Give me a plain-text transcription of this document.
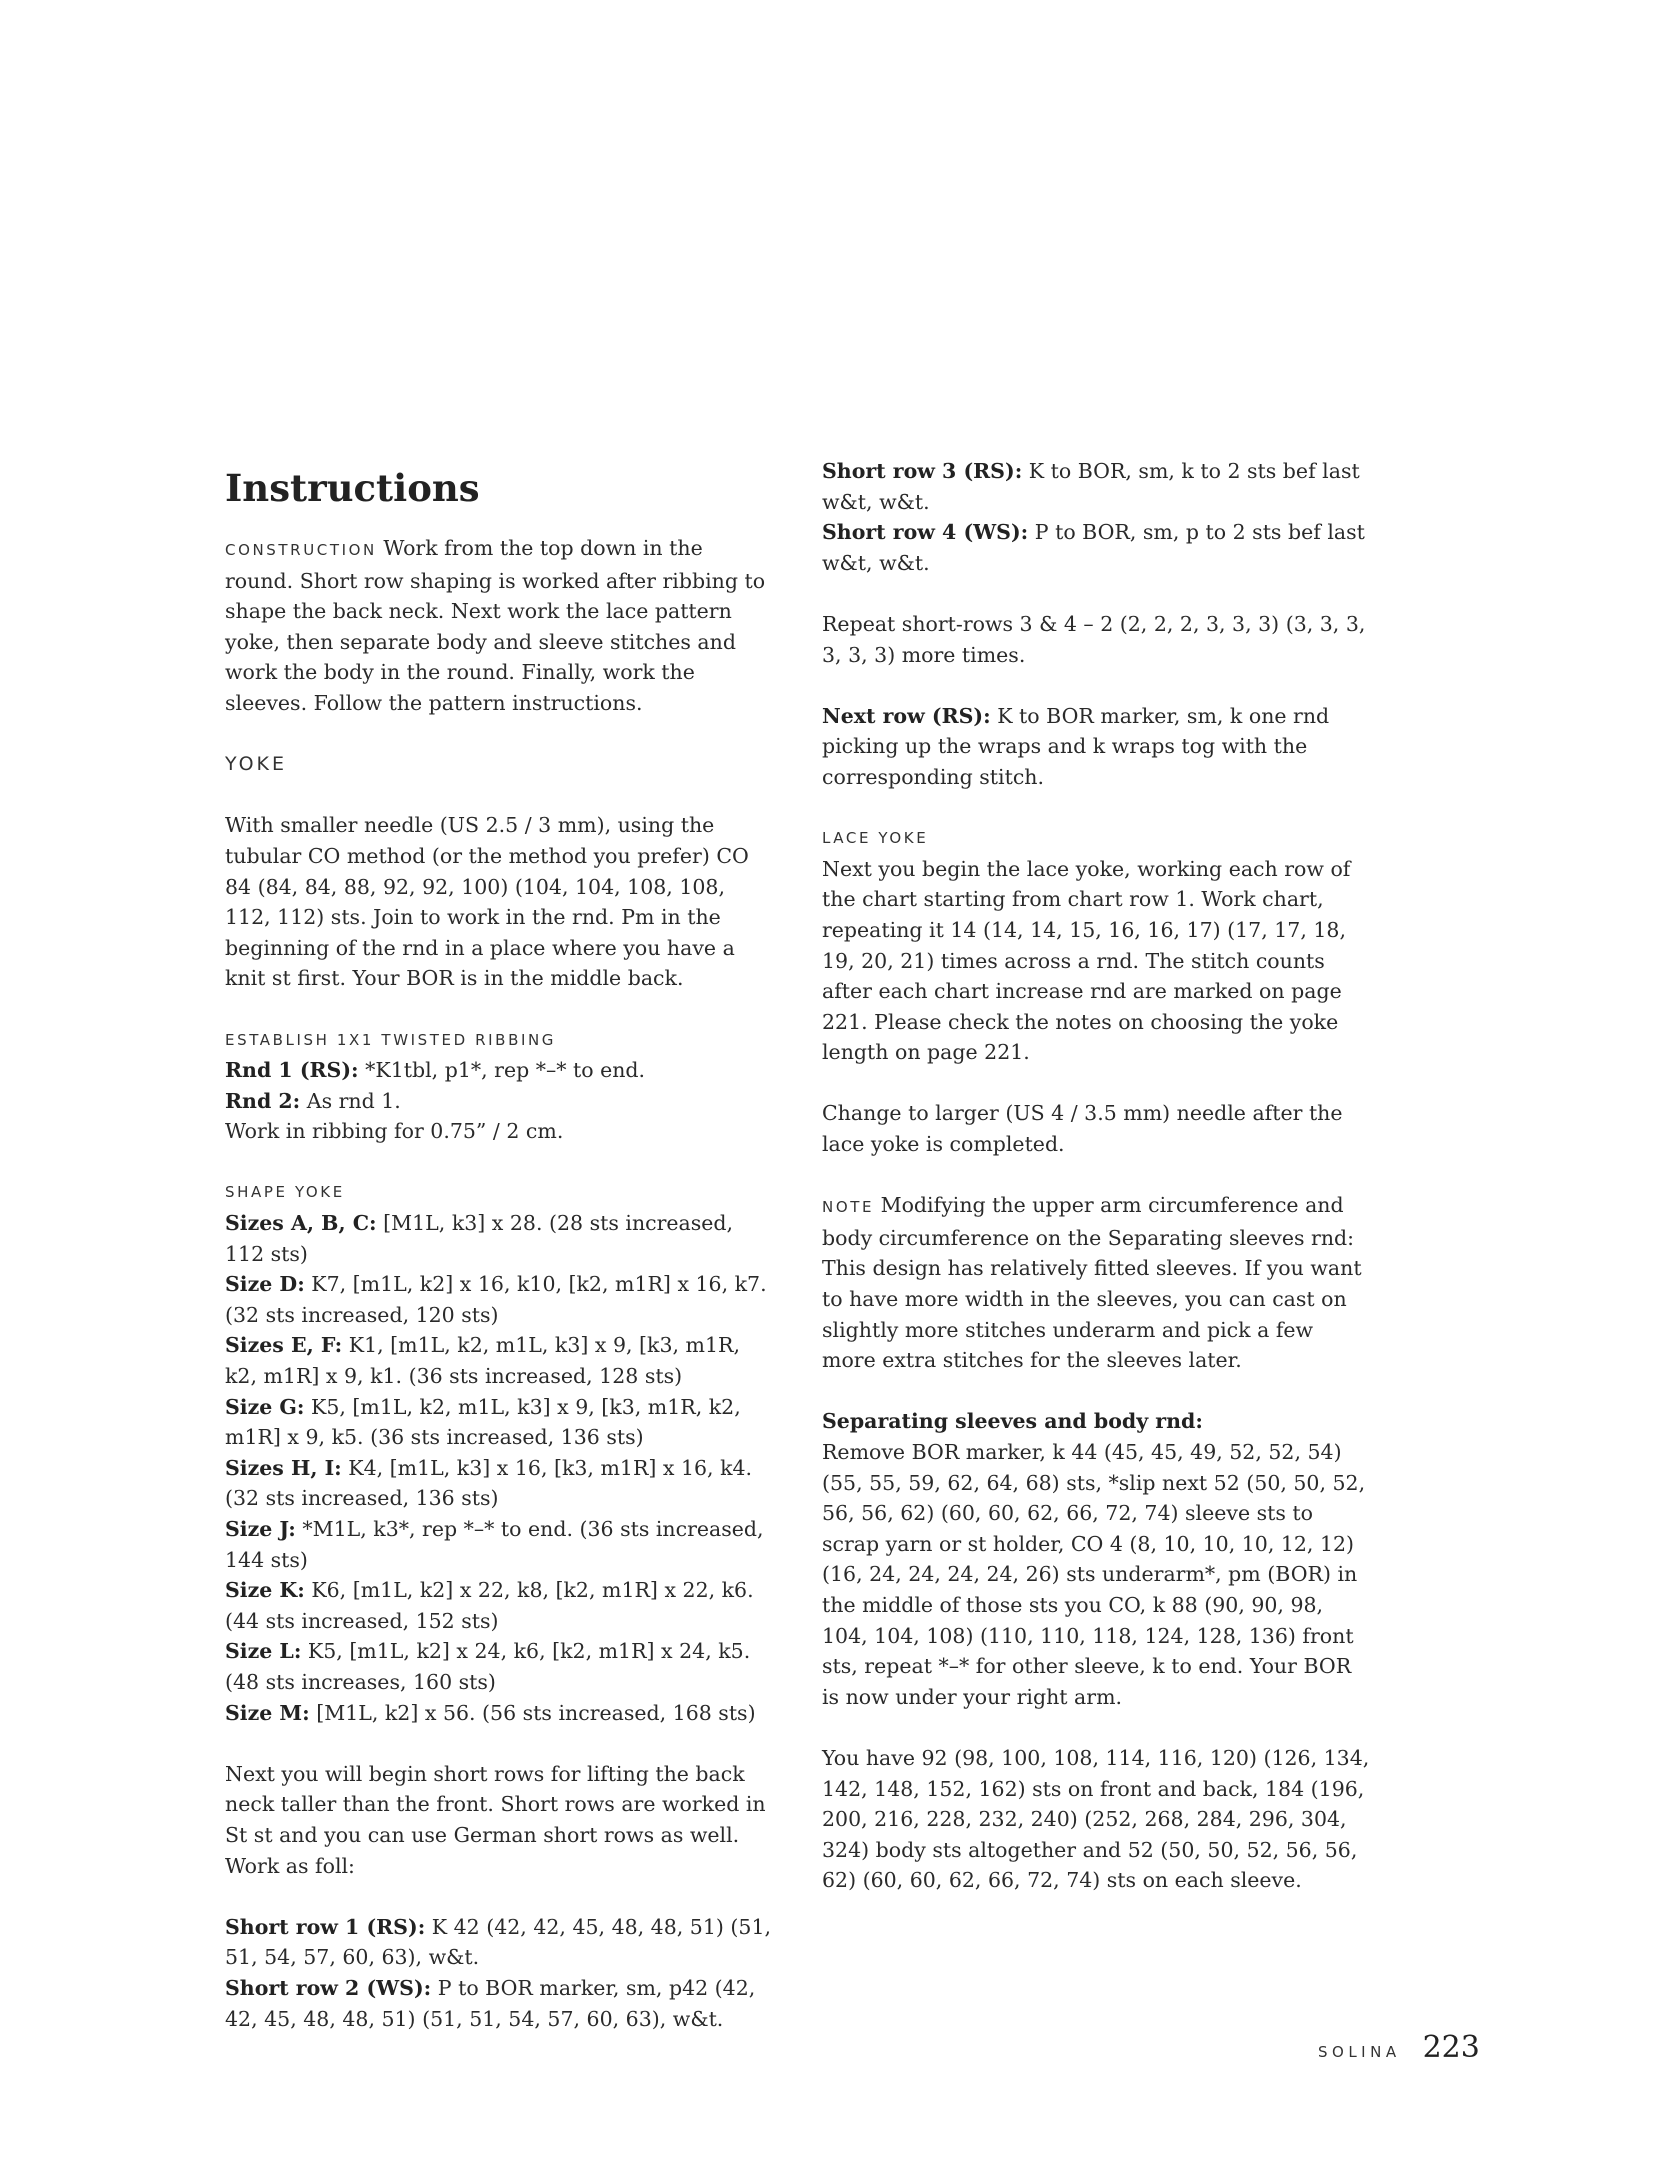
Instructions

CONSTRUCTION Work from the top down in the round. Short row shaping is worked after ribbing to shape the back neck. Next work the lace pattern yoke, then separate body and sleeve stitches and work the body in the round. Finally, work the sleeves. Follow the pattern instructions.

YOKE

With smaller needle (US 2.5 / 3 mm), using the tubular CO method (or the method you prefer) CO 84 (84, 84, 88, 92, 92, 100) (104, 104, 108, 108, 112, 112) sts. Join to work in the rnd. Pm in the beginning of the rnd in a place where you have a knit st first. Your BOR is in the middle back.

ESTABLISH 1X1 TWISTED RIBBING

Rnd 1 (RS): *K1tbl, p1*, rep *–* to end.

Rnd 2: As rnd 1.

Work in ribbing for 0.75” / 2 cm.

SHAPE YOKE

Sizes A, B, C: [M1L, k3] x 28. (28 sts increased, 112 sts)

Size D: K7, [m1L, k2] x 16, k10, [k2, m1R] x 16, k7. (32 sts increased, 120 sts)

Sizes E, F: K1, [m1L, k2, m1L, k3] x 9, [k3, m1R, k2, m1R] x 9, k1. (36 sts increased, 128 sts)

Size G: K5, [m1L, k2, m1L, k3] x 9, [k3, m1R, k2, m1R] x 9, k5. (36 sts increased, 136 sts)

Sizes H, I: K4, [m1L, k3] x 16, [k3, m1R] x 16, k4. (32 sts increased, 136 sts)

Size J: *M1L, k3*, rep *–* to end. (36 sts increased, 144 sts)

Size K: K6, [m1L, k2] x 22, k8, [k2, m1R] x 22, k6. (44 sts increased, 152 sts)

Size L: K5, [m1L, k2] x 24, k6, [k2, m1R] x 24, k5. (48 sts increases, 160 sts)

Size M: [M1L, k2] x 56. (56 sts increased, 168 sts)

Next you will begin short rows for lifting the back neck taller than the front. Short rows are worked in St st and you can use German short rows as well. Work as foll:

Short row 1 (RS): K 42 (42, 42, 45, 48, 48, 51) (51, 51, 54, 57, 60, 63), w&t.

Short row 2 (WS): P to BOR marker, sm, p42 (42, 42, 45, 48, 48, 51) (51, 51, 54, 57, 60, 63), w&t.

Short row 3 (RS): K to BOR, sm, k to 2 sts bef last w&t, w&t.

Short row 4 (WS): P to BOR, sm, p to 2 sts bef last w&t, w&t.

Repeat short-rows 3 & 4 – 2 (2, 2, 2, 3, 3, 3) (3, 3, 3, 3, 3, 3) more times.

Next row (RS): K to BOR marker, sm, k one rnd picking up the wraps and k wraps tog with the corresponding stitch.

LACE YOKE

Next you begin the lace yoke, working each row of the chart starting from chart row 1. Work chart, repeating it 14 (14, 14, 15, 16, 16, 17) (17, 17, 18, 19, 20, 21) times across a rnd. The stitch counts after each chart increase rnd are marked on page 221. Please check the notes on choosing the yoke length on page 221.

Change to larger (US 4 / 3.5 mm) needle after the lace yoke is completed.

NOTE Modifying the upper arm circumference and body circumference on the Separating sleeves rnd: This design has relatively fitted sleeves. If you want to have more width in the sleeves, you can cast on slightly more stitches underarm and pick a few more extra stitches for the sleeves later.

Separating sleeves and body rnd:

Remove BOR marker, k 44 (45, 45, 49, 52, 52, 54) (55, 55, 59, 62, 64, 68) sts, *slip next 52 (50, 50, 52, 56, 56, 62) (60, 60, 62, 66, 72, 74) sleeve sts to scrap yarn or st holder, CO 4 (8, 10, 10, 10, 12, 12) (16, 24, 24, 24, 24, 26) sts underarm*, pm (BOR) in the middle of those sts you CO, k 88 (90, 90, 98, 104, 104, 108) (110, 110, 118, 124, 128, 136) front sts, repeat *–* for other sleeve, k to end. Your BOR is now under your right arm.

You have 92 (98, 100, 108, 114, 116, 120) (126, 134, 142, 148, 152, 162) sts on front and back, 184 (196, 200, 216, 228, 232, 240) (252, 268, 284, 296, 304, 324) body sts altogether and 52 (50, 50, 52, 56, 56, 62) (60, 60, 62, 66, 72, 74) sts on each sleeve.

SOLINA 223
